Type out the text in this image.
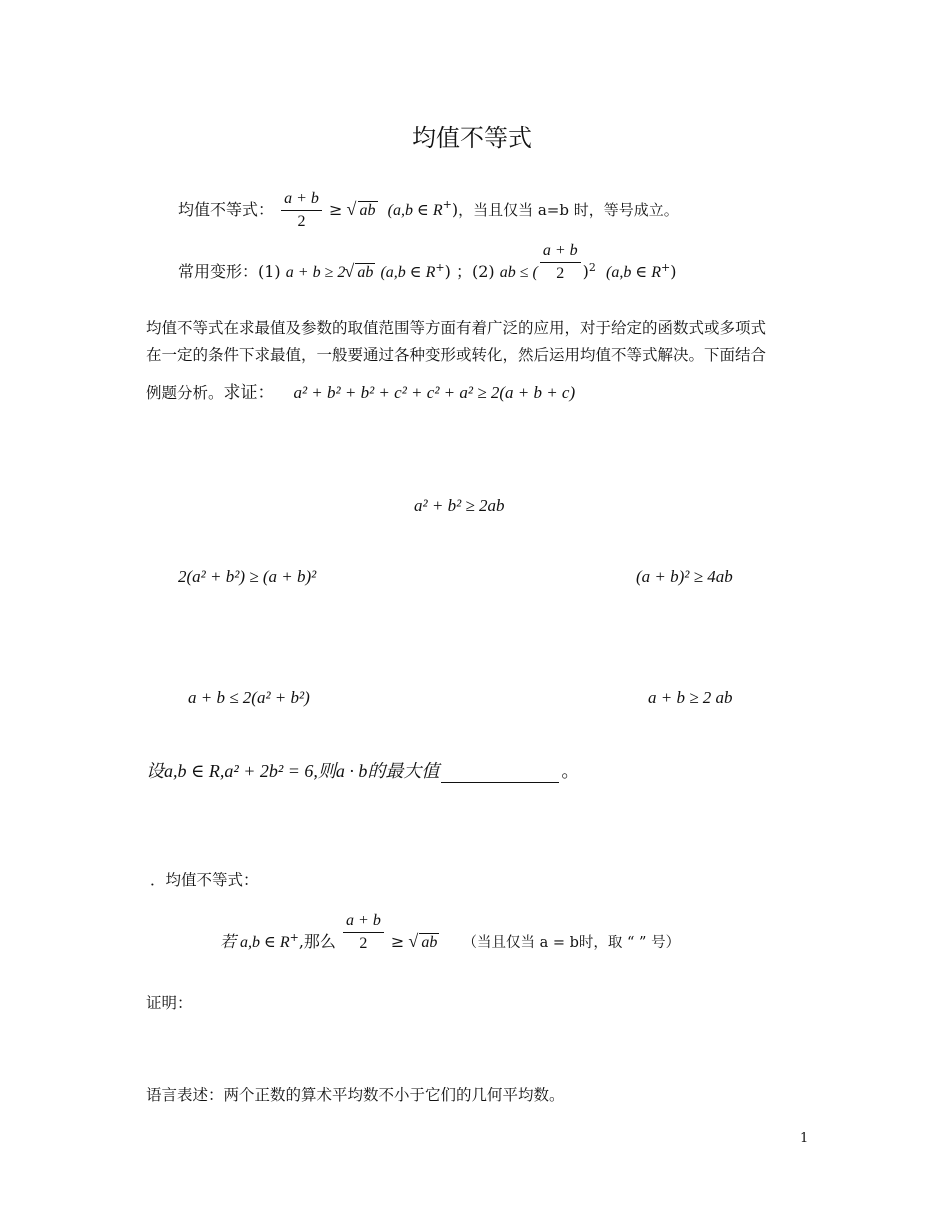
均值不等式
均值不等式： $\frac{a + b}{2}$ ≥ √ ab (a,b ∈ R+)，当且仅当 a=b 时，等号成立。
常用变形：(1) a + b ≥ 2 √ ab (a,b ∈ $R_+$) ；(2) ab ≤ ( $\frac{a + b}{2} )_2$ (a,b ∈ $R_+$)
均值不等式在求最值及参数的取值范围等方面有着广泛的应用，对于给定的函数式或多项式
在一定的条件下求最值，一般要通过各种变形或转化，然后运用均值不等式解决。下面结合
例题分析。求证： a² + b² + b² + c² + c² + a² ≥ 2(a + b + c)
a² + b² ≥ 2ab
2(a² + b²) ≥ (a + b)²	(a + b)² ≥ 4ab
a + b ≤ 2(a² + b²)	a + b ≥ 2 ab
设a,b ∈ R,a² + 2b² = 6,则a · b的最大值	。
．均值不等式：
若 a,b ∈ $R_+$,那么 $\frac{a + b}{2}$ ≥ √ ab （当且仅当 a = b时，取 “ ” 号）
证明：
语言表述：两个正数的算术平均数不小于它们的几何平均数。
1
